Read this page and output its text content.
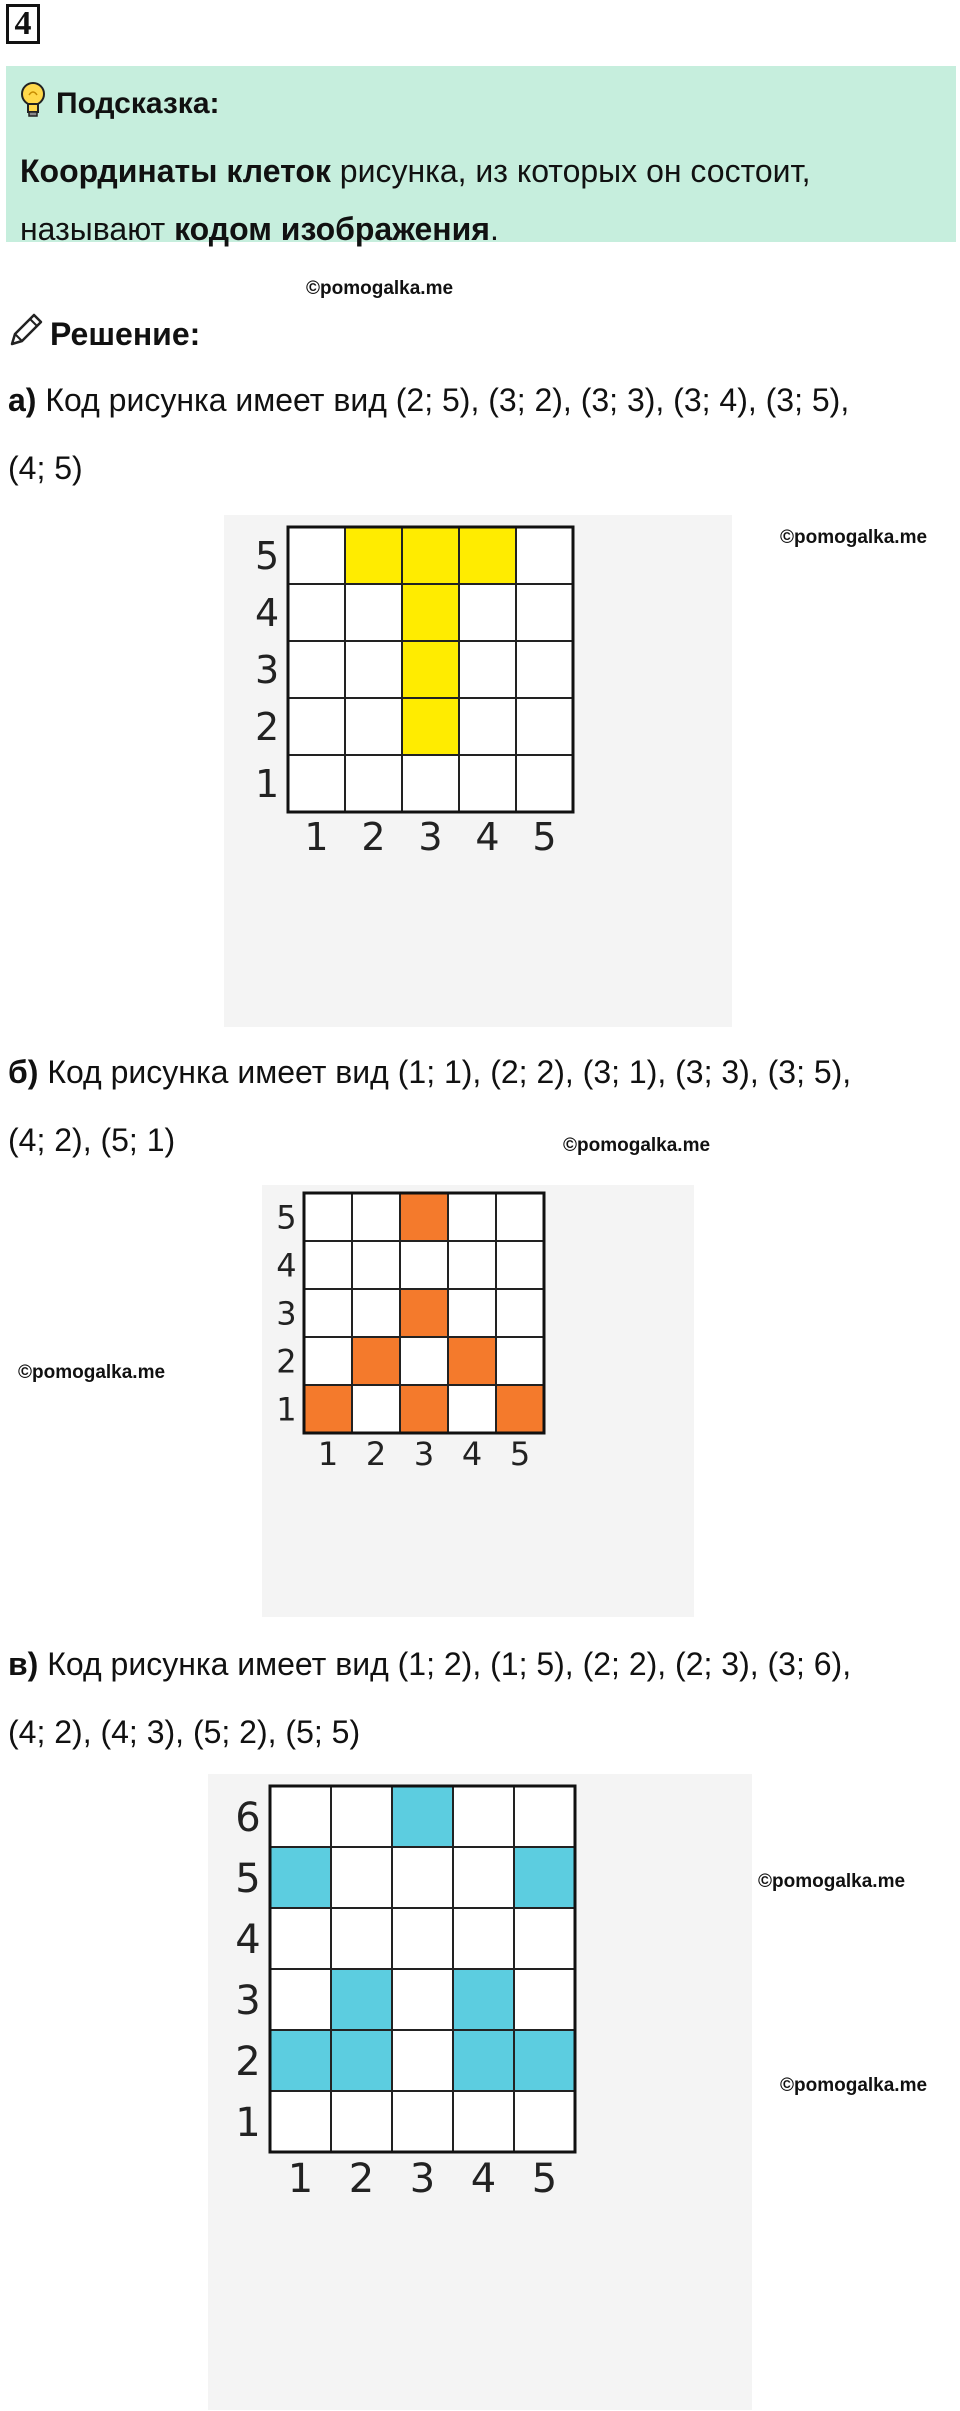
4
Подсказка:
Координаты клеток рисунка, из которых он состоит,
называют кодом изображения.
©pomogalka.me
Решение:
а) Код рисунка имеет вид (2; 5), (3; 2), (3; 3), (3; 4), (3; 5),
(4; 5)
1 2 3 4 5
1
2
3
4
5	©pomogalka.me
б) Код рисунка имеет вид (1; 1), (2; 2), (3; 1), (3; 3), (3; 5),
(4; 2), (5; 1)	©pomogalka.me
1 2 3 4 5
1
2
3
4
5
©pomogalka.me
в) Код рисунка имеет вид (1; 2), (1; 5), (2; 2), (2; 3), (3; 6),
(4; 2), (4; 3), (5; 2), (5; 5)
1 2 3 4 5
1
2
3
4
5
6
©pomogalka.me
©pomogalka.me
